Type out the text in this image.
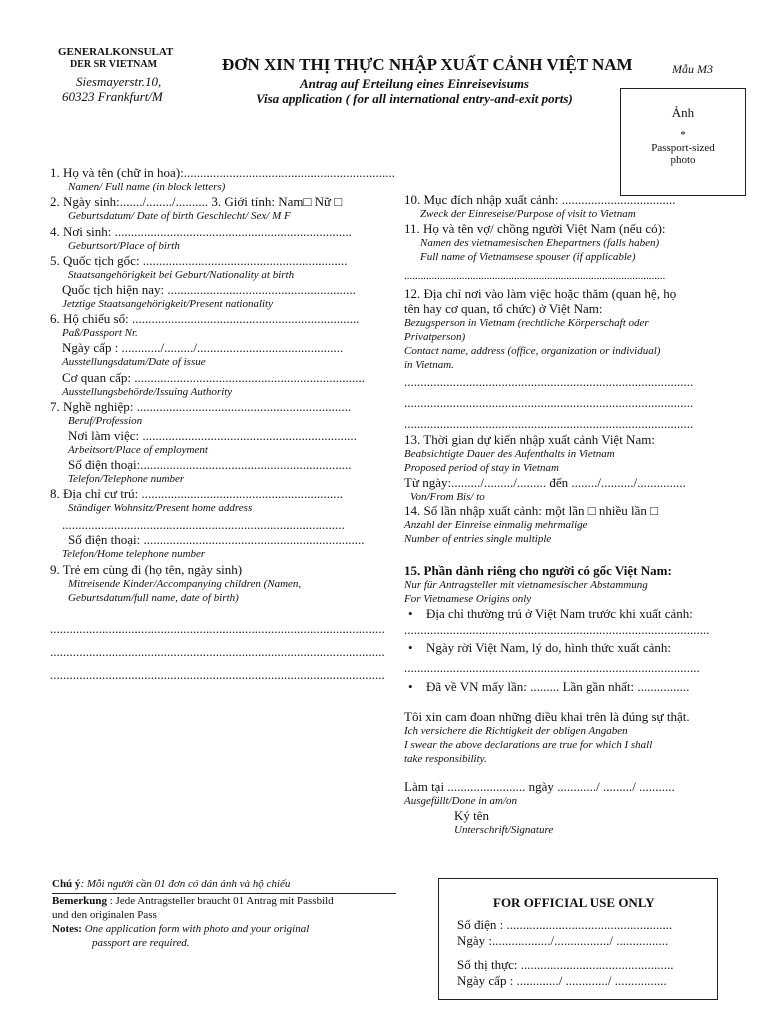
GENERALKONSULAT
DER SR VIETNAM
Siesmayerstr.10,
60323 Frankfurt/M
ĐƠN XIN THỊ THỰC NHẬP XUẤT CẢNH VIỆT NAM	Mẫu M3
Antrag auf Erteilung eines Einreisevisums
Visa application ( for all international entry-and-exit ports)
Ảnh
*
Passport-sized
photo
1. Họ và tên (chữ in hoa):.................................................................
Namen/ Full name (in block letters)
2. Ngày sinh:......./......../.......... 3. Giới tính: Nam□ Nữ □
Geburtsdatum/ Date of birth Geschlecht/ Sex/ M F
4. Nơi sinh: .........................................................................
Geburtsort/Place of birth
5. Quốc tịch gốc: ...............................................................
Staatsangehörigkeit bei Geburt/Nationality at birth
Quốc tịch hiện nay: ..........................................................
Jetztige Staatsangehörigkeit/Present nationality
6. Hộ chiếu số: ......................................................................
Paß/Passport Nr.
Ngày cấp : ............/........./.............................................
Ausstellungsdatum/Date of issue
Cơ quan cấp: .......................................................................
Ausstellungsbehörde/Issuing Authority
7. Nghề nghiệp: ..................................................................
Beruf/Profession
Nơi làm việc: ..................................................................
Arbeitsort/Place of employment
Số điện thoại:.................................................................
Telefon/Telephone number
8. Địa chỉ cư trú: ..............................................................
Ständiger Wohnsitz/Present home address
.......................................................................................
Số điện thoại: ....................................................................
Telefon/Home telephone number
9. Trẻ em cùng đi (họ tên, ngày sinh)
Mitreisende Kinder/Accompanying children (Namen,
Geburtsdatum/full name, date of birth)
.......................................................................................................
.......................................................................................................
.......................................................................................................
10. Mục đích nhập xuất cảnh: ...................................
Zweck der Einreseise/Purpose of visit to Vietnam
11. Họ và tên vợ/ chồng người Việt Nam (nếu có):
Namen des vietnamesischen Ehepartners (falls haben)
Full name of Vietnamsese spouser (if applicable)
...............................................................................................
12. Địa chỉ nơi vào làm việc hoặc thăm (quan hệ, họ
tên hay cơ quan, tổ chức) ở Việt Nam:
Bezugsperson in Vietnam (rechtliche Körperschaft oder
Privatperson)
Contact name, address (office, organization or individual)
in Vietnam.
.........................................................................................
.........................................................................................
.........................................................................................
13. Thời gian dự kiến nhập xuất cảnh Việt Nam:
Beabsichtigte Dauer des Aufenthalts in Vietnam
Proposed period of stay in Vietnam
Từ ngày:........./........./......... đến ......../........../...............
Von/From Bis/ to
14. Số lần nhập xuất cảnh: một lần □ nhiều lần □
Anzahl der Einreise einmalig mehrmalige
Number of entries single multiple
15. Phần dành riêng cho người có gốc Việt Nam:
Nur für Antragsteller mit vietnamesischer Abstammung
For Vietnamese Origins only
• Địa chỉ thường trú ở Việt Nam trước khi xuất cảnh:
..............................................................................................
• Ngày rời Việt Nam, lý do, hình thức xuất cảnh:
...........................................................................................
• Đã về VN mấy lần: ......... Lần gần nhất: ................
Tôi xin cam đoan những điều khai trên là đúng sự thật.
Ich versichere die Richtigkeit der obligen Angaben
I swear the above declarations are true for which I shall
take responsibility.
Làm tại ........................ ngày ............/ ........./ ...........
Ausgefüllt/Done in am/on
Ký tên
Unterschrift/Signature
Chú ý: Mỗi người cần 01 đơn có dán ảnh và hộ chiếu
Bemerkung : Jede Antragsteller braucht 01 Antrag mit Passbild
und den originalen Pass
Notes: One application form with photo and your original
passport are required.
FOR OFFICIAL USE ONLY
Số điện : ...................................................
Ngày :................../................./ ................
Số thị thực: ...............................................
Ngày cấp : ............./ ............./ ................
